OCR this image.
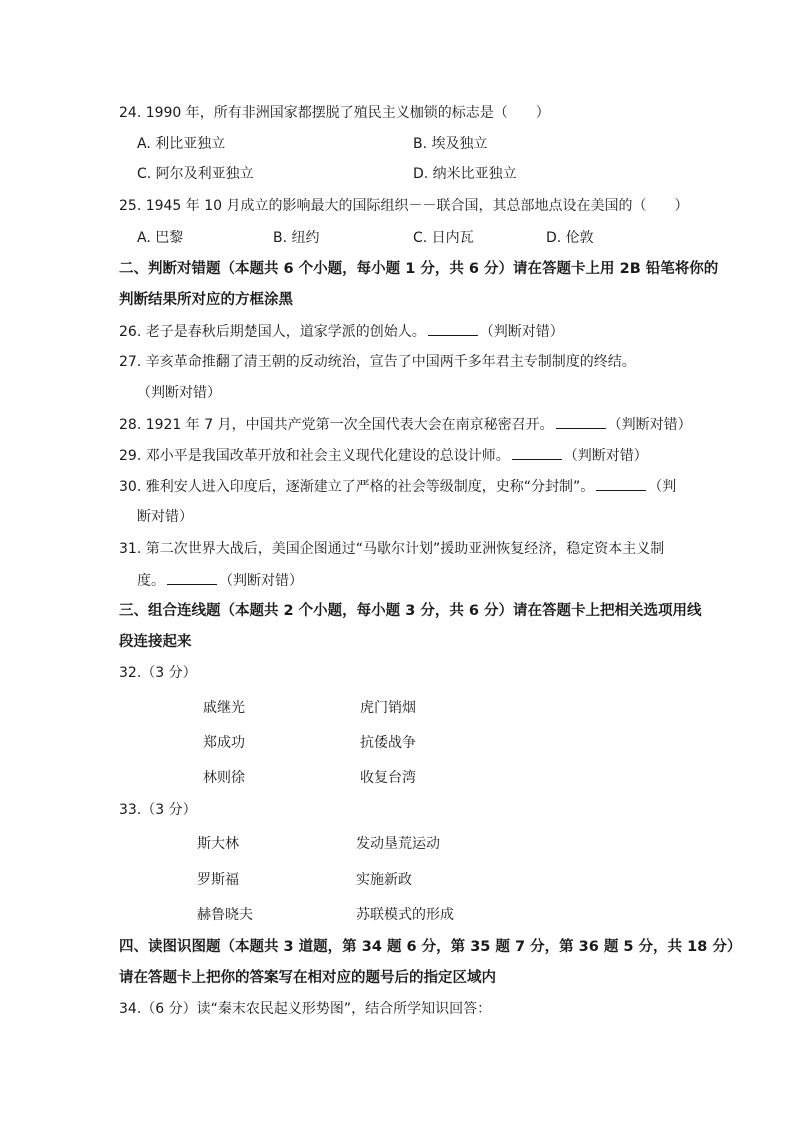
24. 1990 年，所有非洲国家都摆脱了殖民主义枷锁的标志是（　　）
A. 利比亚独立	B. 埃及独立
C. 阿尔及利亚独立	D. 纳米比亚独立
25. 1945 年 10 月成立的影响最大的国际组织－－联合国，其总部地点设在美国的（　　）
A. 巴黎	B. 纽约	C. 日内瓦	D. 伦敦
二、判断对错题（本题共 6 个小题，每小题 1 分，共 6 分）请在答题卡上用 2B 铅笔将你的
判断结果所对应的方框涂黑
26. 老子是春秋后期楚国人，道家学派的创始人。	（判断对错）
27. 辛亥革命推翻了清王朝的反动统治，宣告了中国两千多年君主专制制度的终结。
（判断对错）
28. 1921 年 7 月，中国共产党第一次全国代表大会在南京秘密召开。	（判断对错）
29. 邓小平是我国改革开放和社会主义现代化建设的总设计师。	（判断对错）
30. 雅利安人进入印度后，逐渐建立了严格的社会等级制度，史称“分封制”。	（判
断对错）
31. 第二次世界大战后，美国企图通过“马歇尔计划”援助亚洲恢复经济，稳定资本主义制
度。	（判断对错）
三、组合连线题（本题共 2 个小题，每小题 3 分，共 6 分）请在答题卡上把相关选项用线
段连接起来
32.（3 分）
戚继光	虎门销烟
郑成功	抗倭战争
林则徐	收复台湾
33.（3 分）
斯大林	发动垦荒运动
罗斯福	实施新政
赫鲁晓夫	苏联模式的形成
四、读图识图题（本题共 3 道题，第 34 题 6 分，第 35 题 7 分，第 36 题 5 分，共 18 分）
请在答题卡上把你的答案写在相对应的题号后的指定区域内
34.（6 分）读“秦末农民起义形势图”，结合所学知识回答：
